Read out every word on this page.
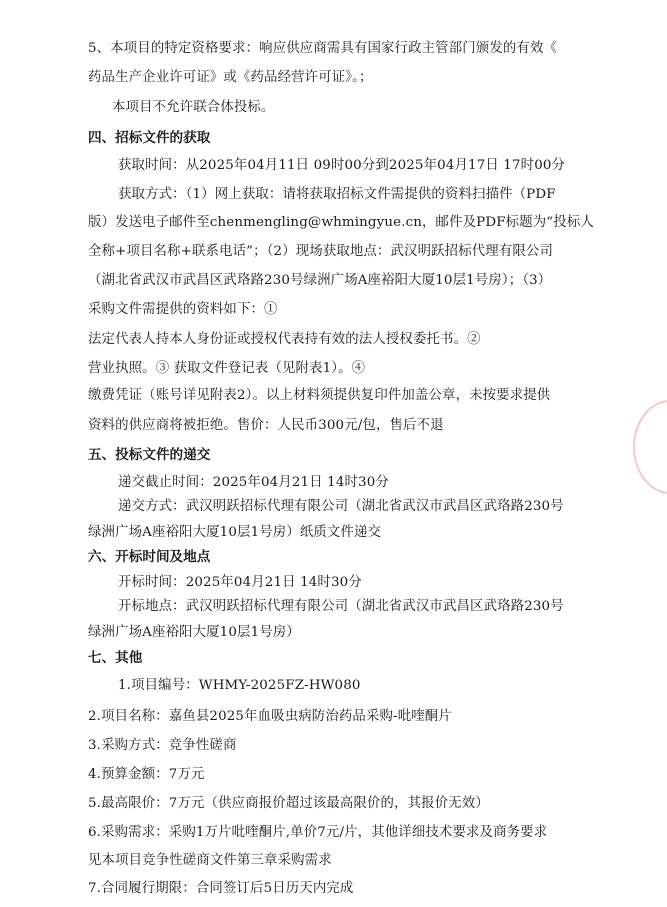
5、本项目的特定资格要求：响应供应商需具有国家行政主管部门颁发的有效《
药品生产企业许可证》或《药品经营许可证》。；
本项目不允许联合体投标。
四、招标文件的获取
获取时间：从2025年04月11日 09时00分到2025年04月17日 17时00分
获取方式：（1）网上获取：请将获取招标文件需提供的资料扫描件（PDF
版）发送电子邮件至chenmengling@whmingyue.cn，邮件及PDF标题为“投标人
全称+项目名称+联系电话”；（2）现场获取地点：武汉明跃招标代理有限公司
（湖北省武汉市武昌区武珞路230号绿洲广场A座裕阳大厦10层1号房）；（3）
采购文件需提供的资料如下：①
法定代表人持本人身份证或授权代表持有效的法人授权委托书。②
营业执照。③ 获取文件登记表（见附表1）。④
缴费凭证（账号详见附表2）。以上材料须提供复印件加盖公章，未按要求提供
资料的供应商将被拒绝。售价：人民币300元/包，售后不退
五、投标文件的递交
递交截止时间：2025年04月21日 14时30分
递交方式：武汉明跃招标代理有限公司（湖北省武汉市武昌区武珞路230号
绿洲广场A座裕阳大厦10层1号房）纸质文件递交
六、开标时间及地点
开标时间：2025年04月21日 14时30分
开标地点：武汉明跃招标代理有限公司（湖北省武汉市武昌区武珞路230号
绿洲广场A座裕阳大厦10层1号房）
七、其他
1.项目编号：WHMY-2025FZ-HW080
2.项目名称：嘉鱼县2025年血吸虫病防治药品采购-吡喹酮片
3.采购方式：竞争性磋商
4.预算金额：7万元
5.最高限价：7万元（供应商报价超过该最高限价的，其报价无效）
6.采购需求：采购1万片吡喹酮片,单价7元/片，其他详细技术要求及商务要求
见本项目竞争性磋商文件第三章采购需求
7.合同履行期限：合同签订后5日历天内完成
